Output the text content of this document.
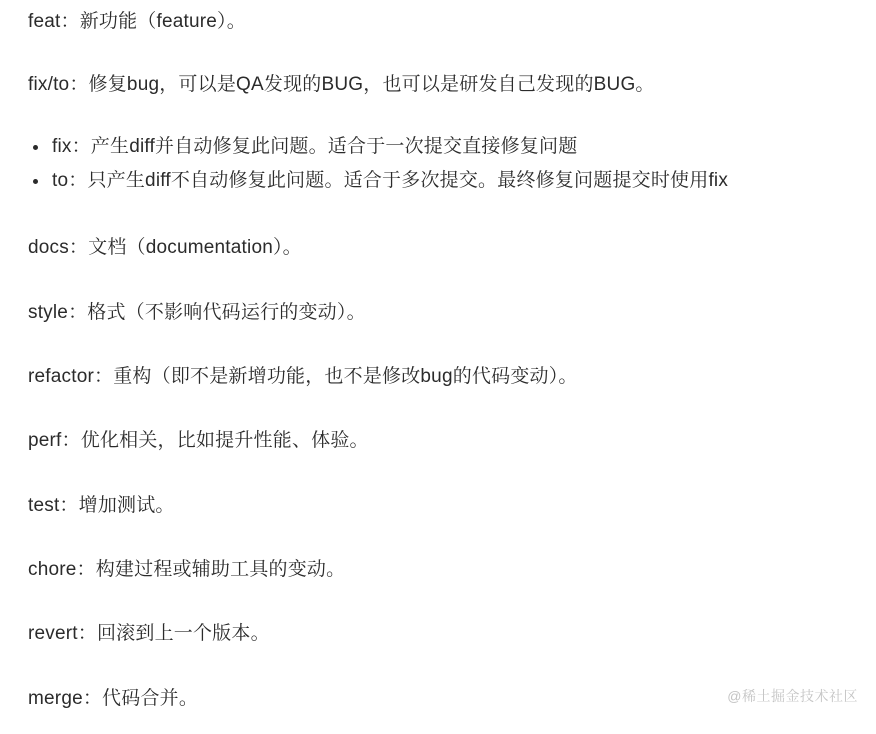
feat：新功能（feature）。
fix/to：修复bug，可以是QA发现的BUG，也可以是研发自己发现的BUG。
fix：产生diff并自动修复此问题。适合于一次提交直接修复问题
to：只产生diff不自动修复此问题。适合于多次提交。最终修复问题提交时使用fix
docs：文档（documentation）。
style：格式（不影响代码运行的变动）。
refactor：重构（即不是新增功能，也不是修改bug的代码变动）。
perf：优化相关，比如提升性能、体验。
test：增加测试。
chore：构建过程或辅助工具的变动。
revert：回滚到上一个版本。
merge：代码合并。	@稀土掘金技术社区
